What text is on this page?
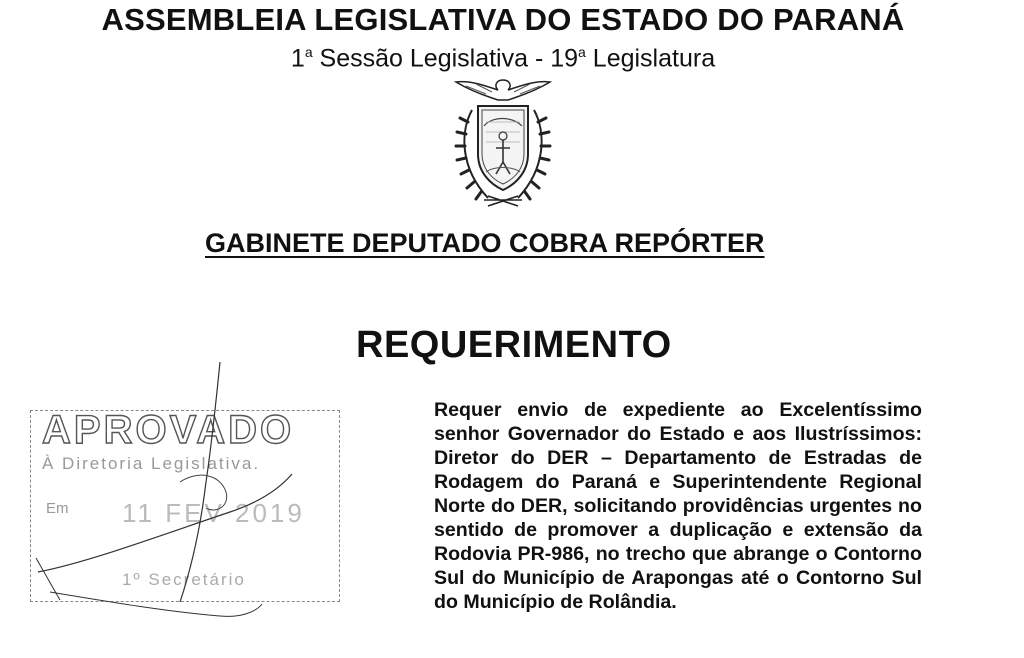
ASSEMBLEIA LEGISLATIVA DO ESTADO DO PARANÁ
1$^a$ Sessão Legislativa - 19$^a$ Legislatura
GABINETE DEPUTADO COBRA REPÓRTER
REQUERIMENTO
Requer envio de expediente ao Excelentíssimo senhor Governador do Estado e aos Ilustríssimos: Diretor do DER – Departamento de Estradas de Rodagem do Paraná e Superintendente Regional Norte do DER, solicitando providências urgentes no sentido de promover a duplicação e extensão da Rodovia PR-986, no trecho que abrange o Contorno Sul do Município de Arapongas até o Contorno Sul do Município de Rolândia.
APROVADO
À Diretoria Legislativa.
Em 11 FEV 2019
1º Secretário
